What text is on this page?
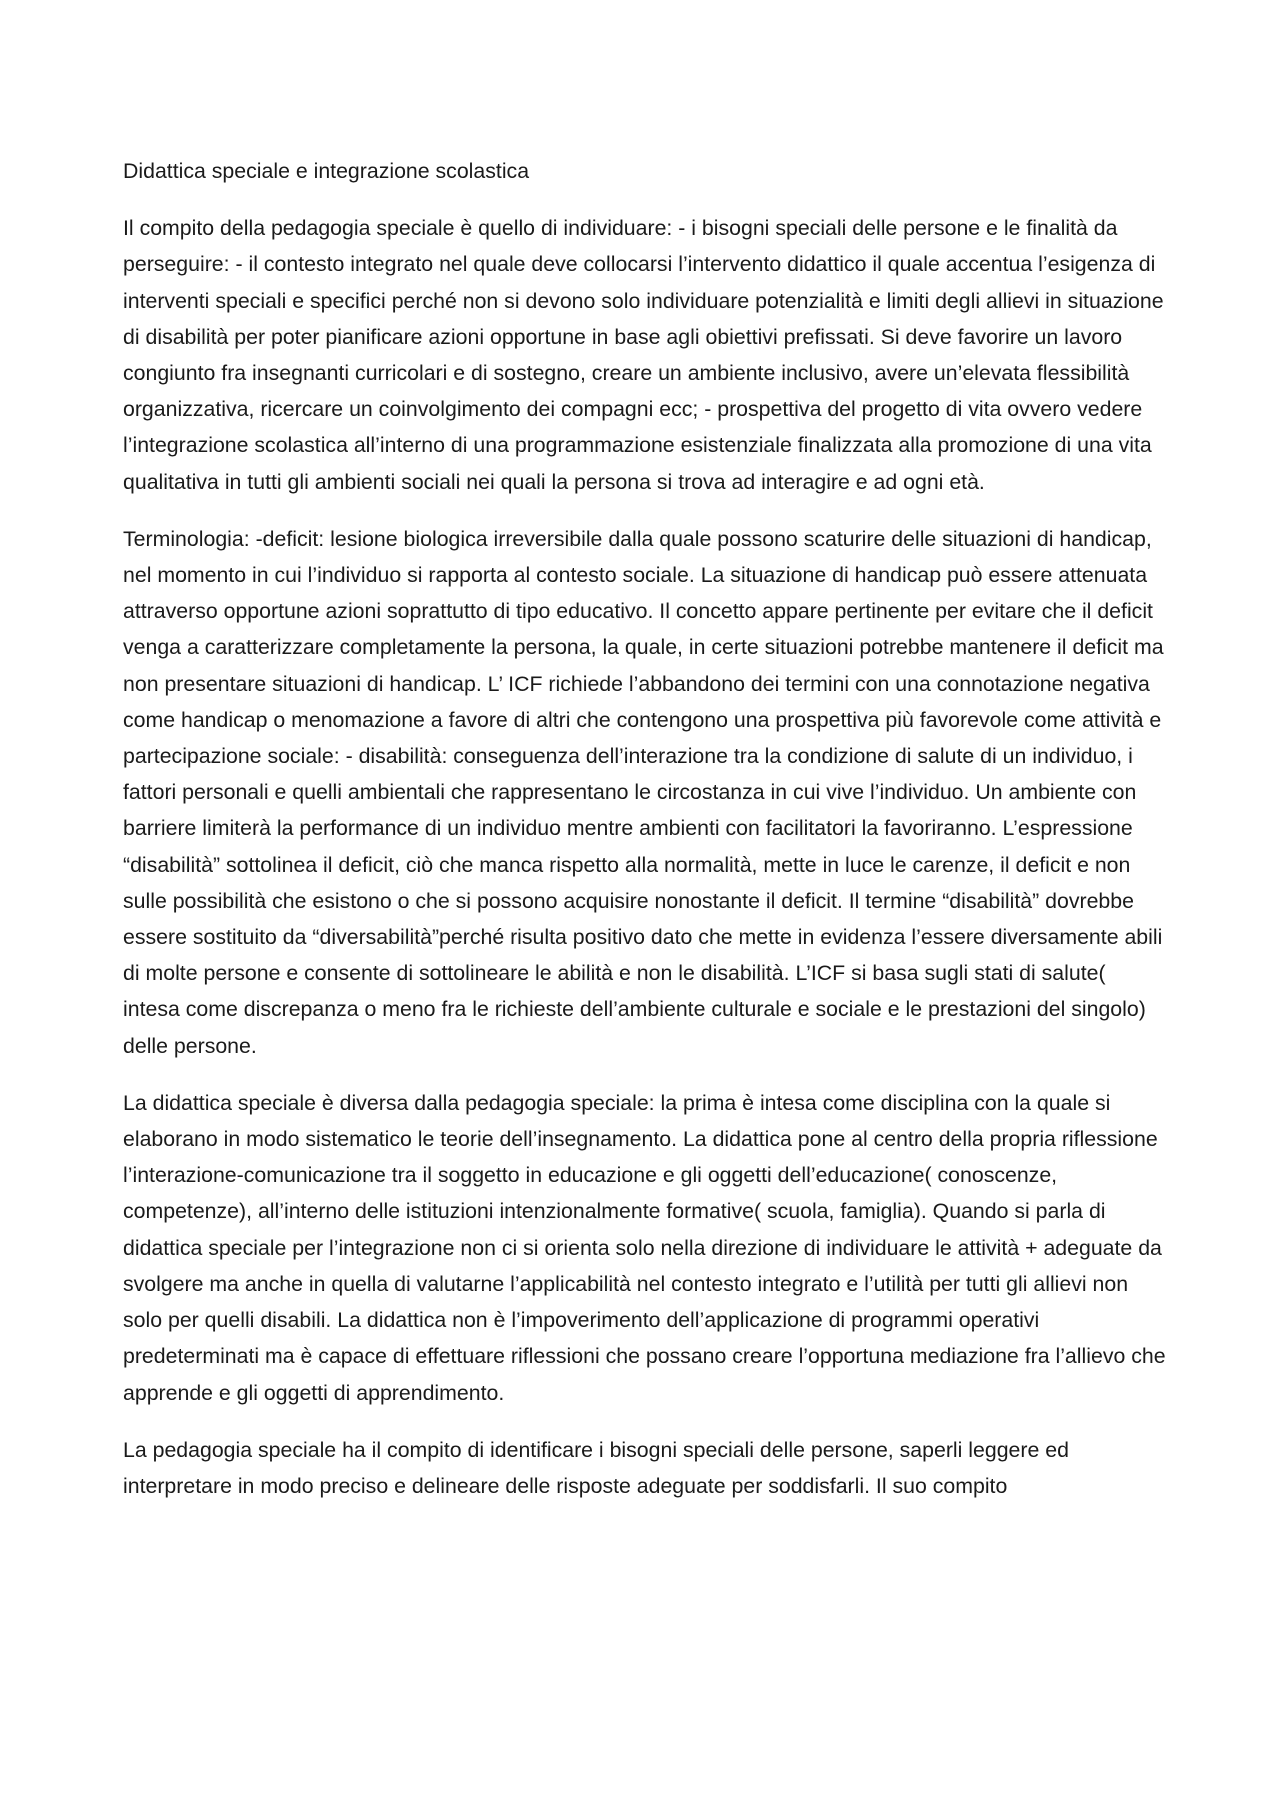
Didattica speciale e integrazione scolastica

Il compito della pedagogia speciale è quello di individuare: - i bisogni speciali delle persone e le finalità da perseguire: - il contesto integrato nel quale deve collocarsi l’intervento didattico il quale accentua l’esigenza di interventi speciali e specifici perché non si devono solo individuare potenzialità e limiti degli allievi in situazione di disabilità per poter pianificare azioni opportune in base agli obiettivi prefissati. Si deve favorire un lavoro congiunto fra insegnanti curricolari e di sostegno, creare un ambiente inclusivo, avere un’elevata flessibilità organizzativa, ricercare un coinvolgimento dei compagni ecc; - prospettiva del progetto di vita ovvero vedere l’integrazione scolastica all’interno di una programmazione esistenziale finalizzata alla promozione di una vita qualitativa in tutti gli ambienti sociali nei quali la persona si trova ad interagire e ad ogni età.

Terminologia: -deficit: lesione biologica irreversibile dalla quale possono scaturire delle situazioni di handicap, nel momento in cui l’individuo si rapporta al contesto sociale. La situazione di handicap può essere attenuata attraverso opportune azioni soprattutto di tipo educativo. Il concetto appare pertinente per evitare che il deficit venga a caratterizzare completamente la persona, la quale, in certe situazioni potrebbe mantenere il deficit ma non presentare situazioni di handicap. L’ ICF richiede l’abbandono dei termini con una connotazione negativa come handicap o menomazione a favore di altri che contengono una prospettiva più favorevole come attività e partecipazione sociale: - disabilità: conseguenza dell’interazione tra la condizione di salute di un individuo, i fattori personali e quelli ambientali che rappresentano le circostanza in cui vive l’individuo. Un ambiente con barriere limiterà la performance di un individuo mentre ambienti con facilitatori la favoriranno. L’espressione “disabilità” sottolinea il deficit, ciò che manca rispetto alla normalità, mette in luce le carenze, il deficit e non sulle possibilità che esistono o che si possono acquisire nonostante il deficit. Il termine “disabilità” dovrebbe essere sostituito da “diversabilità”perché risulta positivo dato che mette in evidenza l’essere diversamente abili di molte persone e consente di sottolineare le abilità e non le disabilità. L’ICF si basa sugli stati di salute( intesa come discrepanza o meno fra le richieste dell’ambiente culturale e sociale e le prestazioni del singolo) delle persone.

La didattica speciale è diversa dalla pedagogia speciale: la prima è intesa come disciplina con la quale si elaborano in modo sistematico le teorie dell’insegnamento. La didattica pone al centro della propria riflessione l’interazione-comunicazione tra il soggetto in educazione e gli oggetti dell’educazione( conoscenze, competenze), all’interno delle istituzioni intenzionalmente formative( scuola, famiglia). Quando si parla di didattica speciale per l’integrazione non ci si orienta solo nella direzione di individuare le attività + adeguate da svolgere ma anche in quella di valutarne l’applicabilità nel contesto integrato e l’utilità per tutti gli allievi non solo per quelli disabili. La didattica non è l’impoverimento dell’applicazione di programmi operativi predeterminati ma è capace di effettuare riflessioni che possano creare l’opportuna mediazione fra l’allievo che apprende e gli oggetti di apprendimento.

La pedagogia speciale ha il compito di identificare i bisogni speciali delle persone, saperli leggere ed interpretare in modo preciso e delineare delle risposte adeguate per soddisfarli. Il suo compito
